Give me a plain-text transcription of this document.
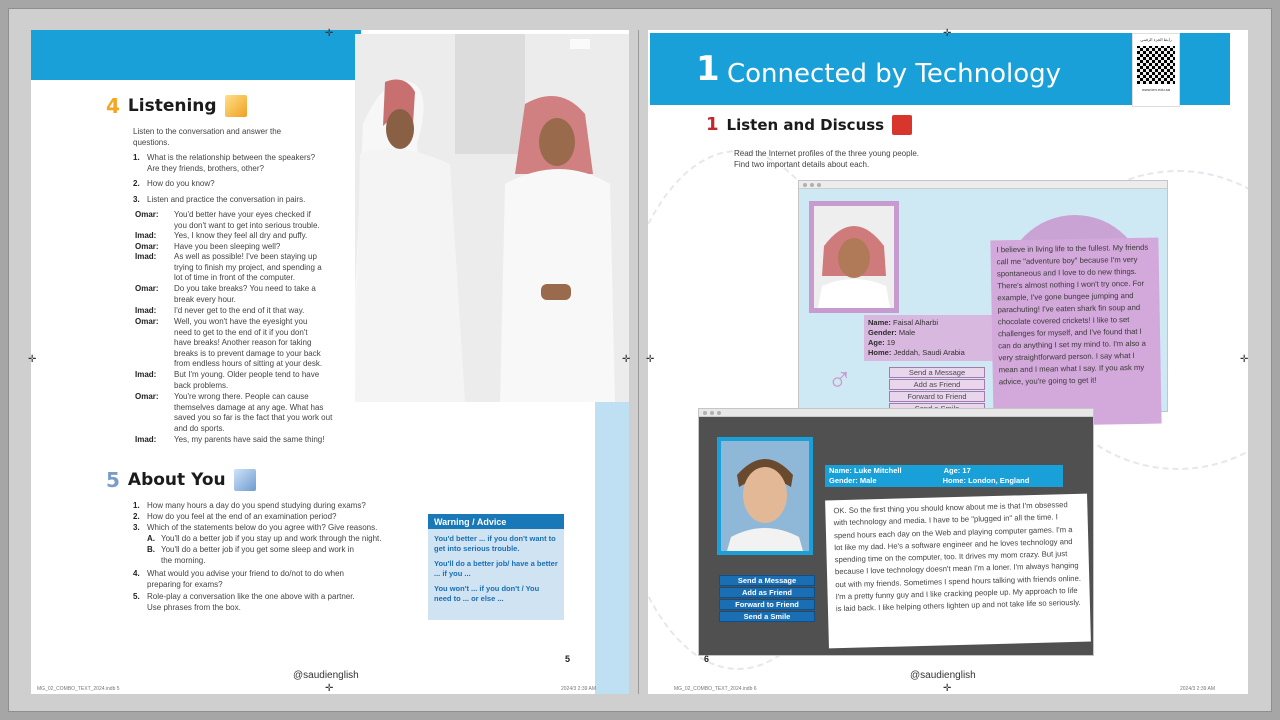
4 Listening
Listen to the conversation and answer the
questions.
1. What is the relationship between the speakers?
Are they friends, brothers, other?
2. How do you know?
3. Listen and practice the conversation in pairs.
Omar: You'd better have your eyes checked if
you don't want to get into serious trouble.
Imad: Yes, I know they feel all dry and puffy.
Omar: Have you been sleeping well?
Imad: As well as possible! I've been staying up
trying to finish my project, and spending a
lot of time in front of the computer.
Omar: Do you take breaks? You need to take a
break every hour.
Imad: I'd never get to the end of it that way.
Omar: Well, you won't have the eyesight you
need to get to the end of it if you don't
have breaks! Another reason for taking
breaks is to prevent damage to your back
from endless hours of sitting at your desk.
Imad: But I'm young. Older people tend to have
back problems.
Omar: You're wrong there. People can cause
themselves damage at any age. What has
saved you so far is the fact that you work out
and do sports.
Imad: Yes, my parents have said the same thing!
5 About You
1. How many hours a day do you spend studying during exams?
2. How do you feel at the end of an examination period?
3. Which of the statements below do you agree with? Give reasons.
A. You'll do a better job if you stay up and work through the night.
B. You'll do a better job if you get some sleep and work in
the morning.
4. What would you advise your friend to do/not to do when
preparing for exams?
5. Role-play a conversation like the one above with a partner.
Use phrases from the box.
Warning / Advice
You'd better ... if you don't want to get into serious trouble.
You'll do a better job/ have a better ... if you ...
You won't ... if you don't / You need to ... or else ...
5
@saudienglish
MG_02_COMBO_TEXT_2024.indb 5	2024/3 2:39 AM
1 Connected by Technology
رابط الجزء الرقمي
www.ien.edu.sa
1 Listen and Discuss
Read the Internet profiles of the three young people.
Find two important details about each.
Name: Faisal Alharbi
Gender: Male
Age: 19
Home: Jeddah, Saudi Arabia
♂	Send a Message
Add as Friend
Forward to Friend
I believe in living life to the fullest. My friends call me "adventure boy" because I'm very spontaneous and I love to do new things. There's almost nothing I won't try once. For example, I've gone bungee jumping and parachuting! I've eaten shark fin soup and chocolate covered crickets! I like to set challenges for myself, and I've found that I can do anything I set my mind to. I'm also a very straightforward person. I say what I mean and I mean what I say. If you ask my advice, you're going to get it!
Name: Luke Mitchell	Age: 17
Gender: Male	Home: London, England
Send a Message
Add as Friend
Forward to Friend
Send a Smile
OK. So the first thing you should know about me is that I'm obsessed with technology and media. I have to be "plugged in" all the time. I spend hours each day on the Web and playing computer games. I'm a lot like my dad. He's a software engineer and he loves technology and spending time on the computer, too. It drives my mom crazy. But just because I love technology doesn't mean I'm a loner. I'm always hanging out with my friends. Sometimes I spend hours talking with friends online. I'm a pretty funny guy and I like cracking people up. My approach to life is laid back. I like helping others lighten up and not take life so seriously.
6
@saudienglish
MG_02_COMBO_TEXT_2024.indb 6	2024/3 2:39 AM
✛	✛
✛	✛ ✛	✛
✛	✛
